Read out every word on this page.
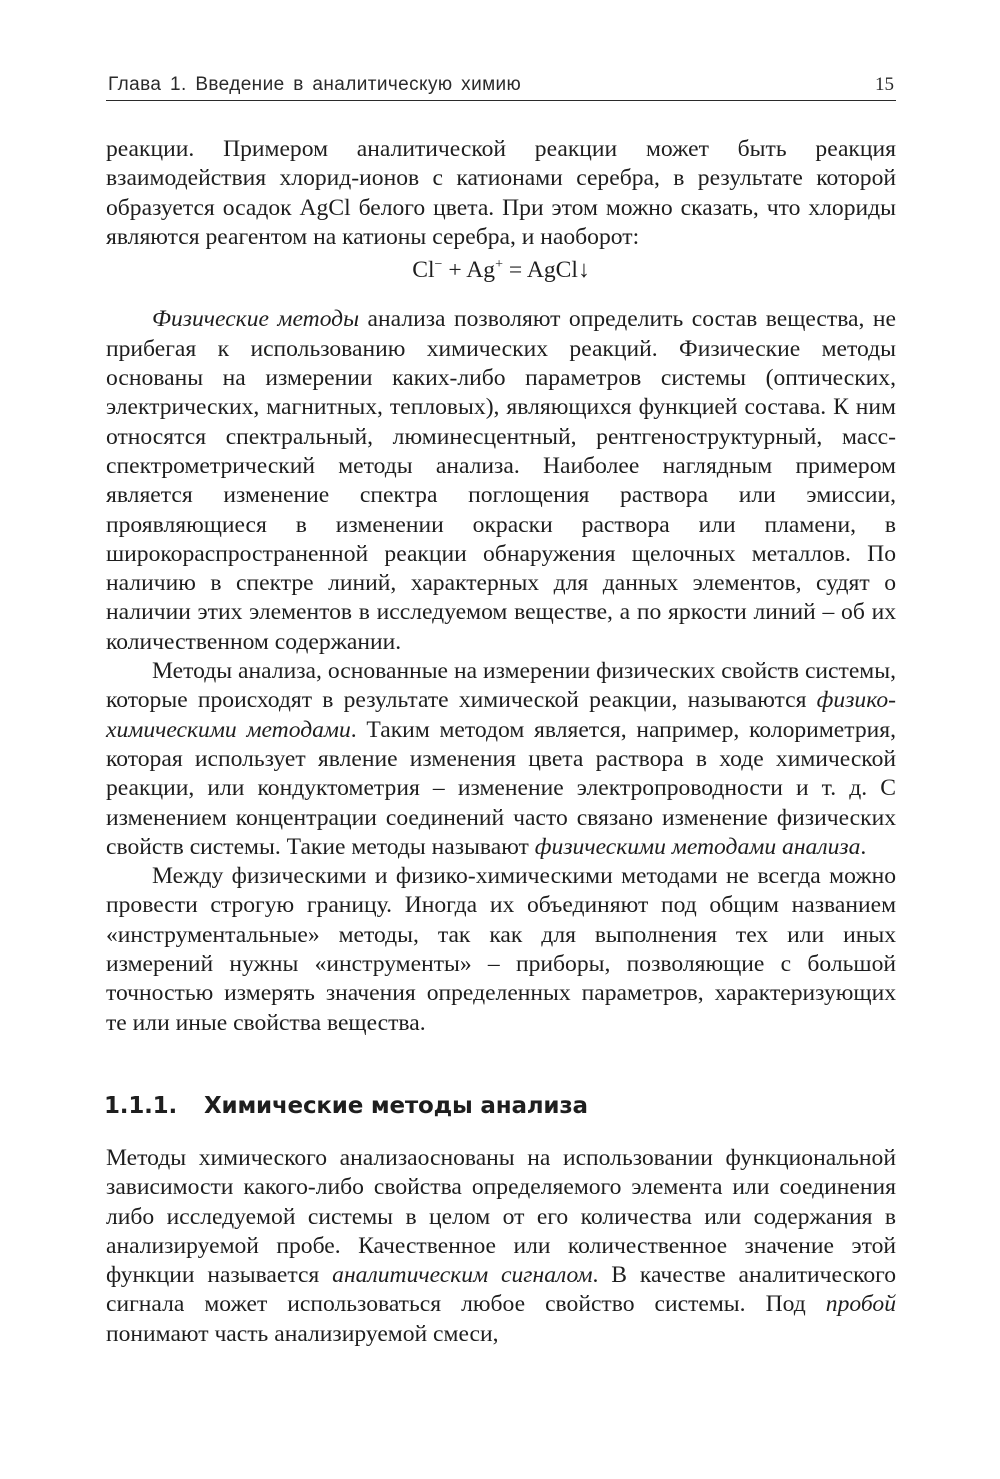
Глава 1. Введение в аналитическую химию	15

реакции. Примером аналитической реакции может быть реакция взаимодействия хлорид-ионов с катионами серебра, в результате которой образуется осадок AgCl белого цвета. При этом можно сказать, что хлориды являются реагентом на катионы серебра, и наоборот:

Cl− + Ag+ = AgCl↓

Физические методы анализа позволяют определить состав вещества, не прибегая к использованию химических реакций. Физические методы основаны на измерении каких-либо параметров системы (оптических, электрических, магнитных, тепловых), являющихся функцией состава. К ним относятся спектральный, люминесцентный, рентгеноструктурный, масс-спектрометрический методы анализа. Наиболее наглядным примером является изменение спектра поглощения раствора или эмиссии, проявляющиеся в изменении окраски раствора или пламени, в широкораспространенной реакции обнаружения щелочных металлов. По наличию в спектре линий, характерных для данных элементов, судят о наличии этих элементов в исследуемом веществе, а по яркости линий – об их количественном содержании.

Методы анализа, основанные на измерении физических свойств системы, которые происходят в результате химической реакции, называются физико-химическими методами. Таким методом является, например, колориметрия, которая использует явление изменения цвета раствора в ходе химической реакции, или кондуктометрия – изменение электропроводности и т. д. С изменением концентрации соединений часто связано изменение физических свойств системы. Такие методы называют физическими методами анализа.

Между физическими и физико-химическими методами не всегда можно провести строгую границу. Иногда их объединяют под общим названием «инструментальные» методы, так как для выполнения тех или иных измерений нужны «инструменты» – приборы, позволяющие с большой точностью измерять значения определенных параметров, характеризующих те или иные свойства вещества.

1.1.1. Химические методы анализа

Методы химического анализаоснованы на использовании функциональной зависимости какого-либо свойства определяемого элемента или соединения либо исследуемой системы в целом от его количества или содержания в анализируемой пробе. Качественное или количественное значение этой функции называется аналитическим сигналом. В качестве аналитического сигнала может использоваться любое свойство системы. Под пробой понимают часть анализируемой смеси,
